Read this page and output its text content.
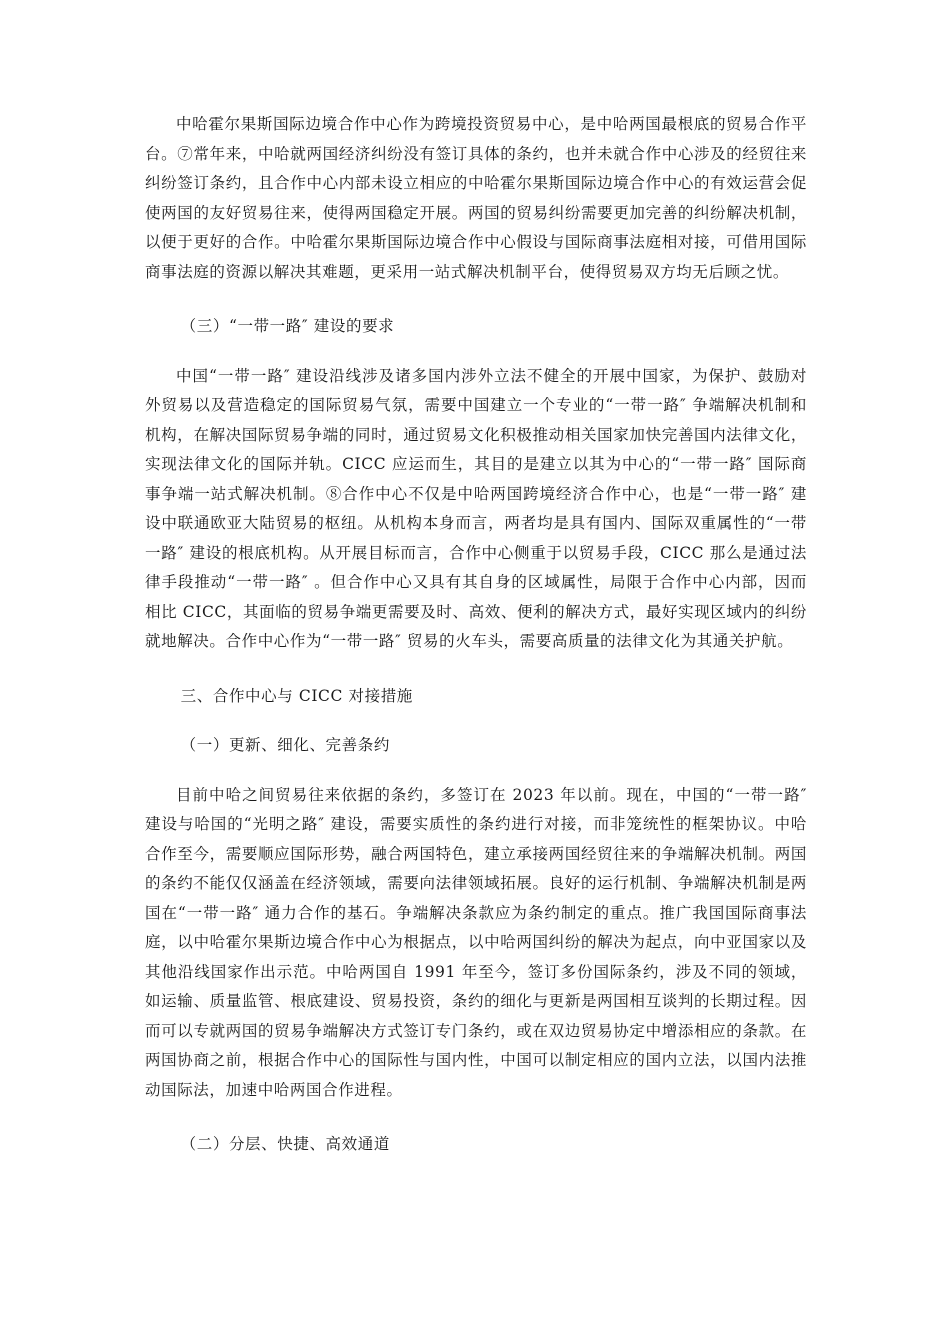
中哈霍尔果斯国际边境合作中心作为跨境投资贸易中心，是中哈两国最根底的贸易合作平台。⑦常年来，中哈就两国经济纠纷没有签订具体的条约，也并未就合作中心涉及的经贸往来纠纷签订条约，且合作中心内部未设立相应的中哈霍尔果斯国际边境合作中心的有效运营会促使两国的友好贸易往来，使得两国稳定开展。两国的贸易纠纷需要更加完善的纠纷解决机制，以便于更好的合作。中哈霍尔果斯国际边境合作中心假设与国际商事法庭相对接，可借用国际商事法庭的资源以解决其难题，更采用一站式解决机制平台，使得贸易双方均无后顾之忧。

（三）“一带一路″ 建设的要求

中国“一带一路″ 建设沿线涉及诸多国内涉外立法不健全的开展中国家，为保护、鼓励对外贸易以及营造稳定的国际贸易气氛，需要中国建立一个专业的“一带一路″ 争端解决机制和机构，在解决国际贸易争端的同时，通过贸易文化积极推动相关国家加快完善国内法律文化，实现法律文化的国际并轨。CICC 应运而生，其目的是建立以其为中心的“一带一路″ 国际商事争端一站式解决机制。⑧合作中心不仅是中哈两国跨境经济合作中心，也是“一带一路″ 建设中联通欧亚大陆贸易的枢纽。从机构本身而言，两者均是具有国内、国际双重属性的“一带一路″ 建设的根底机构。从开展目标而言，合作中心侧重于以贸易手段，CICC 那么是通过法律手段推动“一带一路″ 。但合作中心又具有其自身的区域属性，局限于合作中心内部，因而相比 CICC，其面临的贸易争端更需要及时、高效、便利的解决方式，最好实现区域内的纠纷就地解决。合作中心作为“一带一路″ 贸易的火车头，需要高质量的法律文化为其通关护航。

三、合作中心与 CICC 对接措施

（一）更新、细化、完善条约

目前中哈之间贸易往来依据的条约，多签订在 2023 年以前。现在，中国的“一带一路″ 建设与哈国的“光明之路″ 建设，需要实质性的条约进行对接，而非笼统性的框架协议。中哈合作至今，需要顺应国际形势，融合两国特色，建立承接两国经贸往来的争端解决机制。两国的条约不能仅仅涵盖在经济领域，需要向法律领域拓展。良好的运行机制、争端解决机制是两国在“一带一路″ 通力合作的基石。争端解决条款应为条约制定的重点。推广我国国际商事法庭，以中哈霍尔果斯边境合作中心为根据点，以中哈两国纠纷的解决为起点，向中亚国家以及其他沿线国家作出示范。中哈两国自 1991 年至今，签订多份国际条约，涉及不同的领域，如运输、质量监管、根底建设、贸易投资，条约的细化与更新是两国相互谈判的长期过程。因而可以专就两国的贸易争端解决方式签订专门条约，或在双边贸易协定中增添相应的条款。在两国协商之前，根据合作中心的国际性与国内性，中国可以制定相应的国内立法，以国内法推动国际法，加速中哈两国合作进程。

（二）分层、快捷、高效通道
